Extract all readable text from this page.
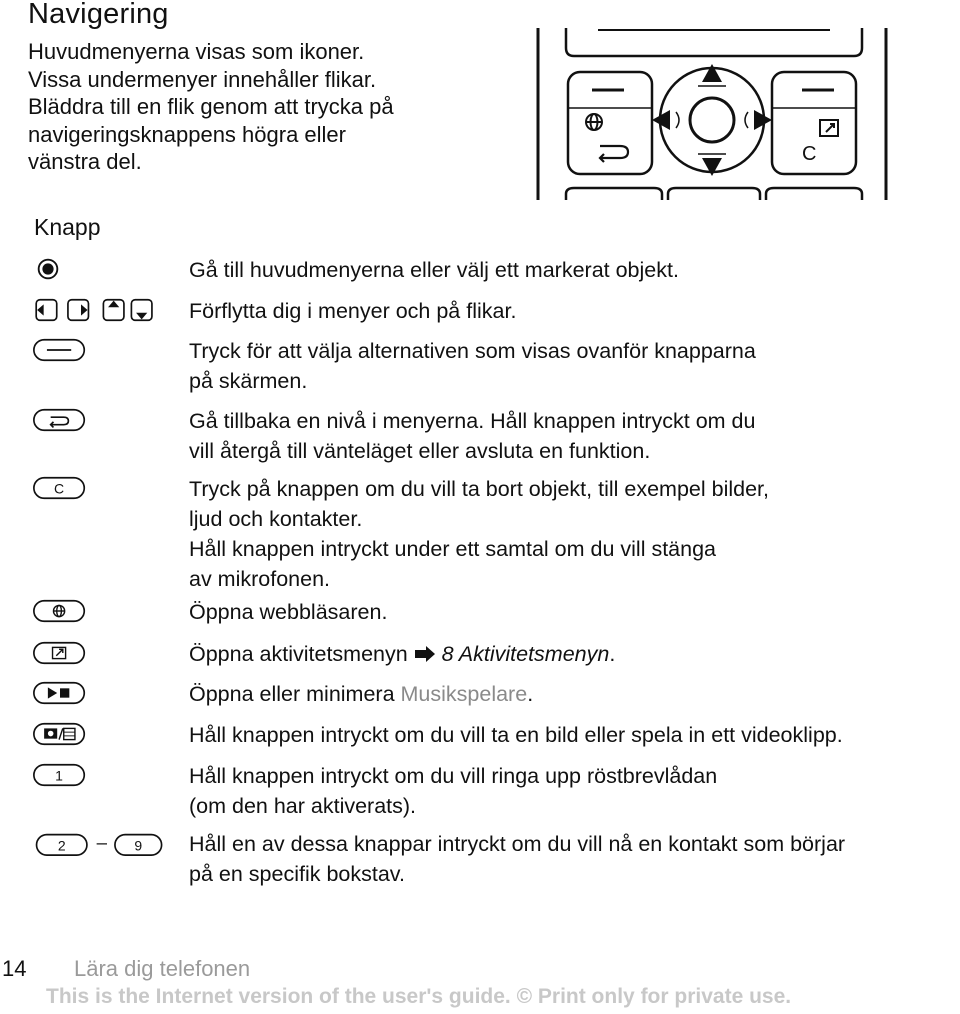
Navigering
Huvudmenyerna visas som ikoner.
Vissa undermenyer innehåller flikar.
Bläddra till en flik genom att trycka på
navigeringsknappens högra eller
vänstra del.	C
Knapp
Gå till huvudmenyerna eller välj ett markerat objekt.
Förflytta dig i menyer och på flikar.
Tryck för att välja alternativen som visas ovanför knapparna
på skärmen.
Gå tillbaka en nivå i menyerna. Håll knappen intryckt om du
vill återgå till vänteläget eller avsluta en funktion.
C	Tryck på knappen om du vill ta bort objekt, till exempel bilder,
ljud och kontakter.
Håll knappen intryckt under ett samtal om du vill stänga
av mikrofonen.
Öppna webbläsaren.
Öppna aktivitetsmenyn  8 Aktivitetsmenyn.
Öppna eller minimera Musikspelare.
Håll knappen intryckt om du vill ta en bild eller spela in ett videoklipp.
1	Håll knappen intryckt om du vill ringa upp röstbrevlådan
(om den har aktiverats).
2 – 9 Håll en av dessa knappar intryckt om du vill nå en kontakt som börjar
på en specifik bokstav.
14 Lära dig telefonen
This is the Internet version of the user's guide. © Print only for private use.
